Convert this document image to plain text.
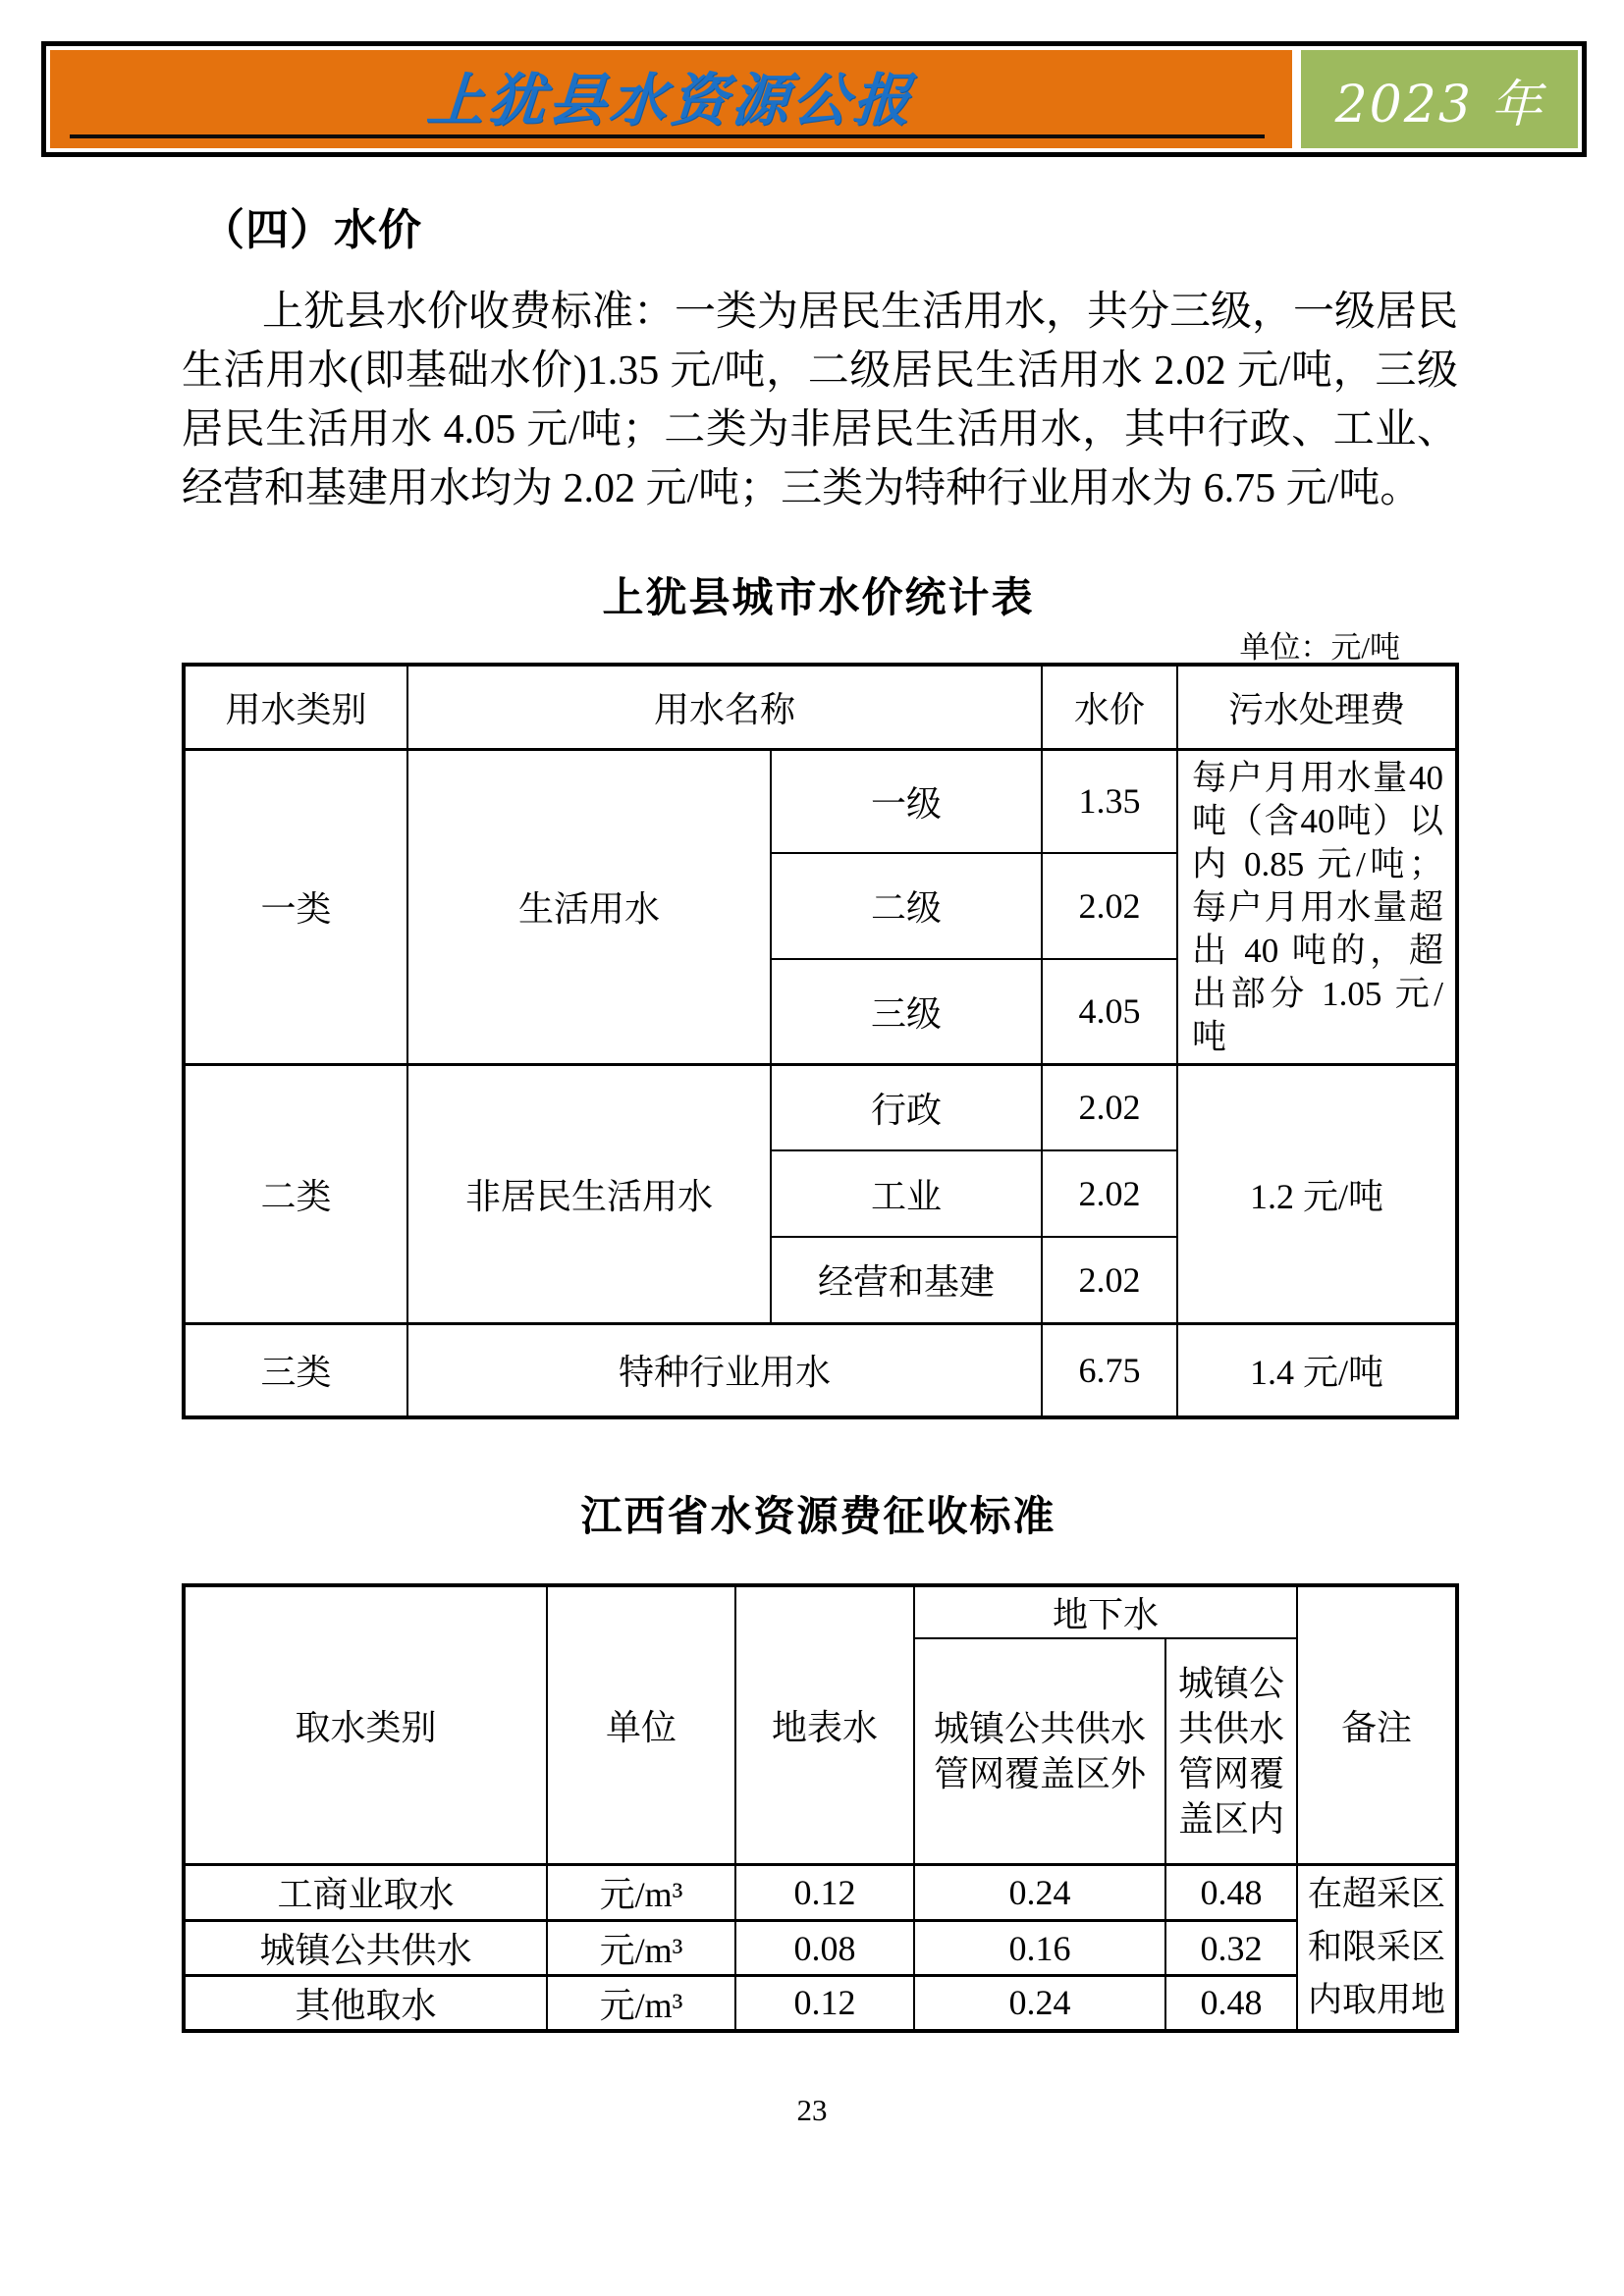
上犹县水资源公报	2023 年
（四）水价
上犹县水价收费标准：一类为居民生活用水，共分三级，一级居民生活用水(即基础水价)1.35 元/吨，二级居民生活用水 2.02 元/吨，三级居民生活用水 4.05 元/吨；二类为非居民生活用水，其中行政、工业、经营和基建用水均为 2.02 元/吨；三类为特种行业用水为 6.75 元/吨。
上犹县城市水价统计表
单位：元/吨
用水类别	用水名称		水价	污水处理费
一类	生活用水	一级	1.35	每户月用水量40吨（含40吨）以内 0.85 元/吨；每户月用水量超出 40 吨的，超出部分 1.05 元/吨
		二级	2.02	
		三级	4.05	
二类	非居民生活用水	行政	2.02	1.2 元/吨
		工业	2.02	
		经营和基建	2.02	
三类	特种行业用水		6.75	1.4 元/吨
江西省水资源费征收标准
取水类别	单位	地表水	地下水		备注
			城镇公共供水管网覆盖区外	城镇公共供水管网覆盖区内	
工商业取水	元/m³	0.12	0.24	0.48	在超采区和限采区内取用地
城镇公共供水	元/m³	0.08	0.16	0.32	
其他取水	元/m³	0.12	0.24	0.48	
23
